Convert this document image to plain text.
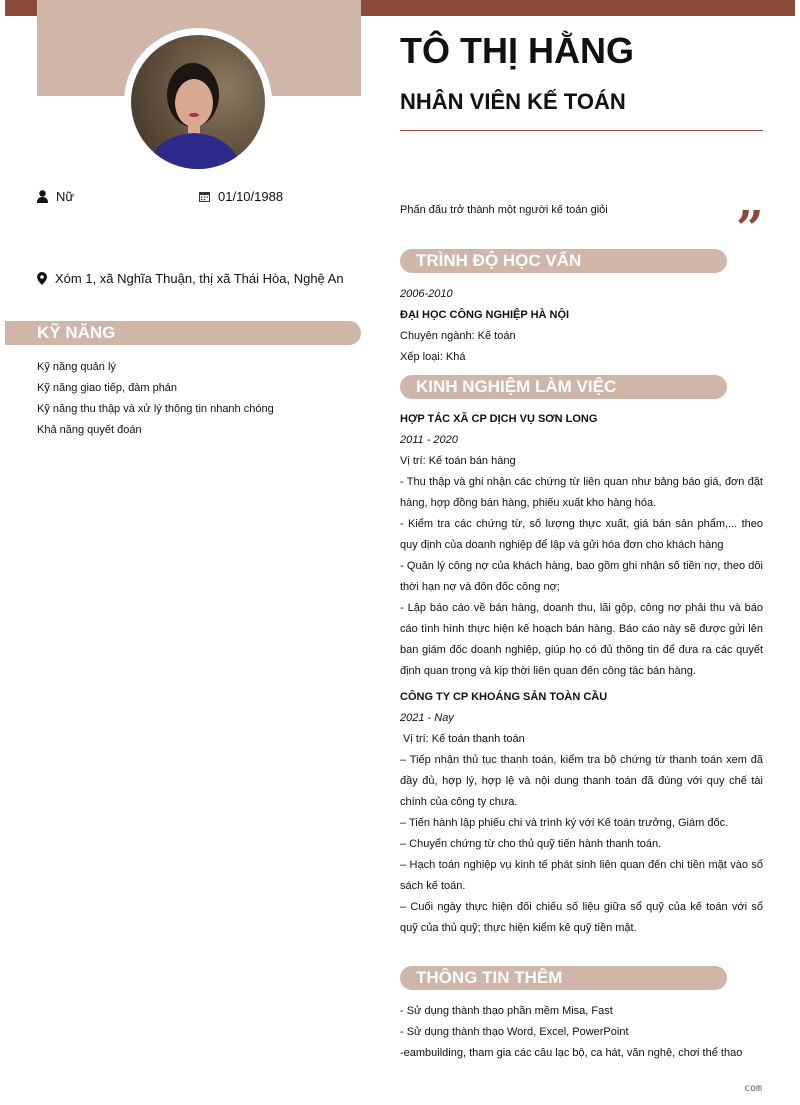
TÔ THỊ HẰNG
NHÂN VIÊN KẾ TOÁN
Nữ	01/10/1988
Xóm 1, xã Nghĩa Thuận, thị xã Thái Hòa, Nghệ An
KỸ NĂNG
Kỹ năng quản lý
Kỹ năng giao tiếp, đàm phán
Kỹ năng thu thập và xử lý thông tin nhanh chóng
Khả năng quyết đoán
Phấn đấu trở thành một người kế toán giỏi	”
TRÌNH ĐỘ HỌC VẤN
2006-2010
ĐẠI HỌC CÔNG NGHIỆP HÀ NỘI
Chuyên ngành: Kế toán
Xếp loại: Khá
KINH NGHIỆM LÀM VIỆC
HỢP TÁC XÃ CP DỊCH VỤ SƠN LONG
2011 - 2020
Vị trí: Kế toán bán hàng
- Thu thập và ghi nhận các chứng từ liên quan như bảng báo giá, đơn đặt hàng, hợp đồng bán hàng, phiếu xuất kho hàng hóa.
- Kiểm tra các chứng từ, số lượng thực xuất, giá bán sản phẩm,... theo quy định của doanh nghiệp để lập và gửi hóa đơn cho khách hàng
- Quản lý công nợ của khách hàng, bao gồm ghi nhận số tiền nợ, theo dõi thời hạn nợ và đôn đốc công nợ;
- Lập báo cáo về bán hàng, doanh thu, lãi gộp, công nợ phải thu và báo cáo tình hình thực hiện kế hoạch bán hàng. Báo cáo này sẽ được gửi lên ban giám đốc doanh nghiệp, giúp họ có đủ thông tin để đưa ra các quyết định quan trọng và kịp thời liên quan đến công tác bán hàng.
CÔNG TY CP KHOÁNG SẢN TOÀN CẦU
2021 - Nay
Vị trí: Kế toán thanh toán
– Tiếp nhận thủ tục thanh toán, kiểm tra bộ chứng từ thanh toán xem đã đầy đủ, hợp lý, hợp lệ và nội dung thanh toán đã đúng với quy chế tài chính của công ty chưa.
– Tiến hành lập phiếu chi và trình ký với Kế toán trưởng, Giám đốc.
– Chuyển chứng từ cho thủ quỹ tiến hành thanh toán.
– Hạch toán nghiệp vụ kinh tế phát sinh liên quan đến chi tiền mặt vào sổ sách kế toán.
– Cuối ngày thực hiện đối chiếu số liệu giữa sổ quỹ của kế toán với sổ quỹ của thủ quỹ; thực hiện kiểm kê quỹ tiền mặt.
THÔNG TIN THÊM
- Sử dụng thành thạo phần mềm Misa, Fast
- Sử dụng thành thạo Word, Excel, PowerPoint
-eambuilding, tham gia các câu lạc bộ, ca hát, văn nghệ, chơi thể thao
com
